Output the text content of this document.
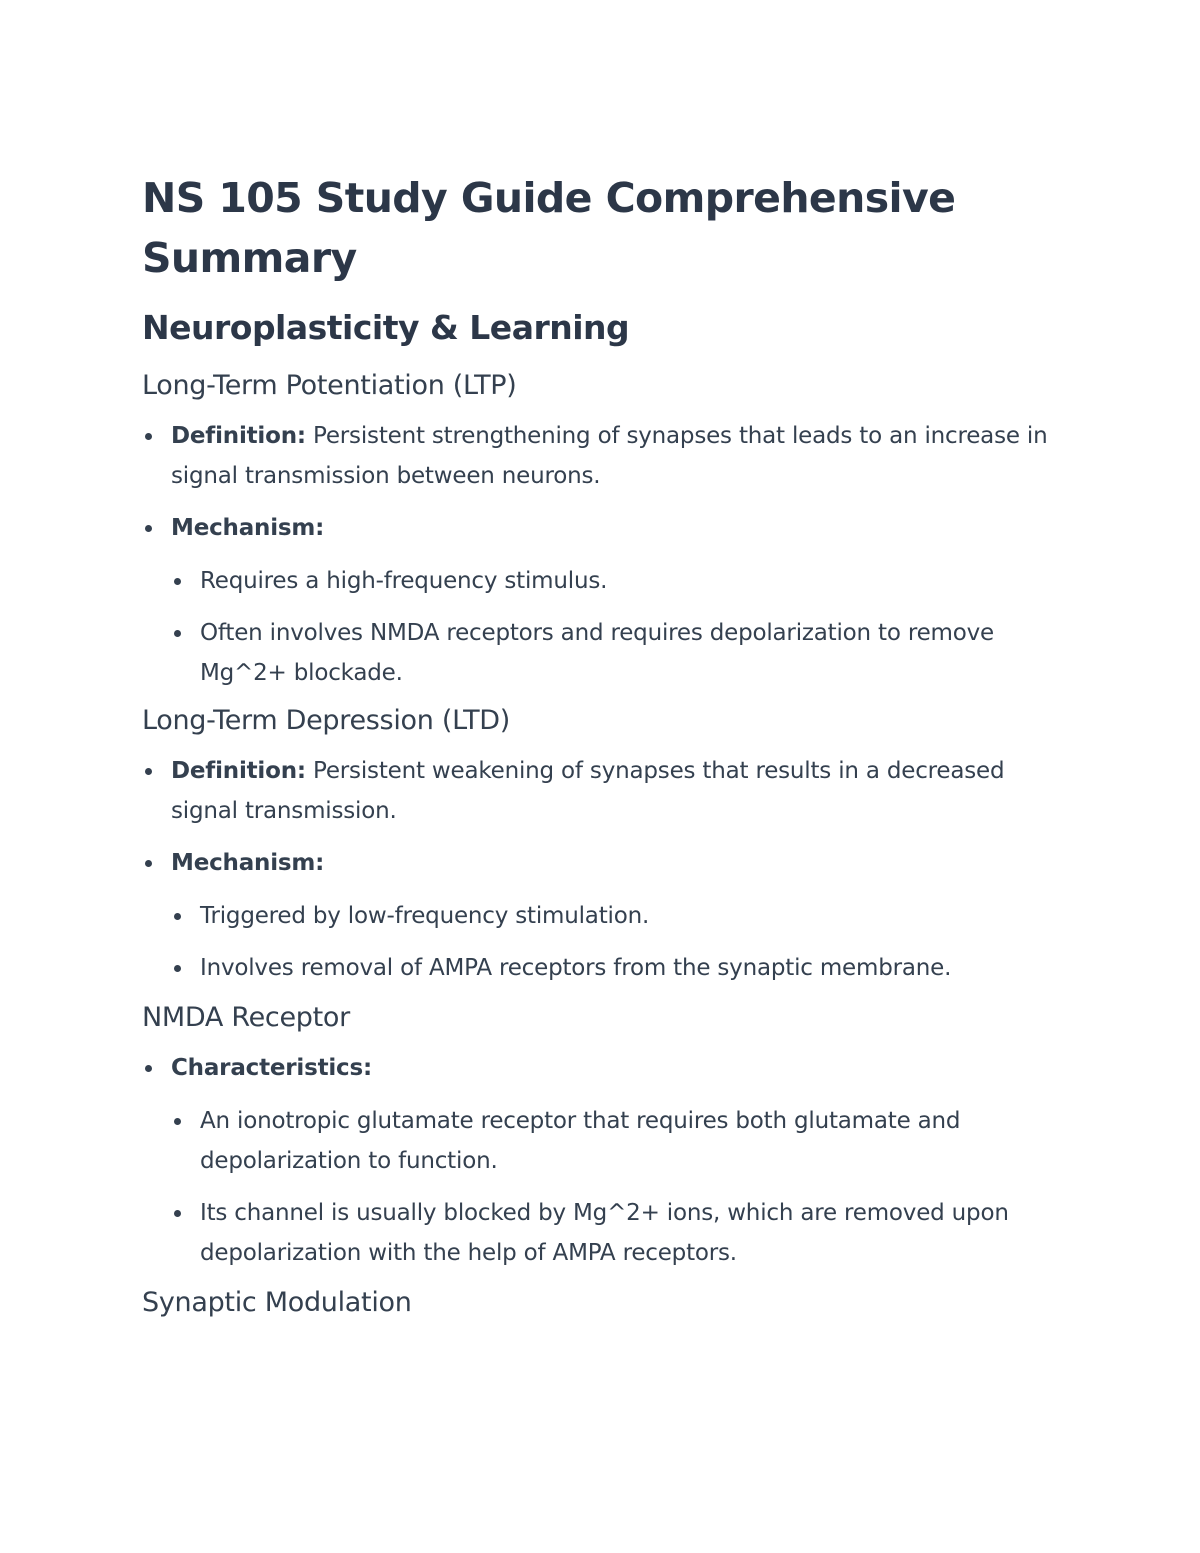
NS 105 Study Guide Comprehensive Summary
Neuroplasticity & Learning
Long-Term Potentiation (LTP)
Definition: Persistent strengthening of synapses that leads to an increase in signal transmission between neurons.
Mechanism:
Requires a high-frequency stimulus.
Often involves NMDA receptors and requires depolarization to remove Mg^2+ blockade.
Long-Term Depression (LTD)
Definition: Persistent weakening of synapses that results in a decreased signal transmission.
Mechanism:
Triggered by low-frequency stimulation.
Involves removal of AMPA receptors from the synaptic membrane.
NMDA Receptor
Characteristics:
An ionotropic glutamate receptor that requires both glutamate and depolarization to function.
Its channel is usually blocked by Mg^2+ ions, which are removed upon depolarization with the help of AMPA receptors.
Synaptic Modulation
